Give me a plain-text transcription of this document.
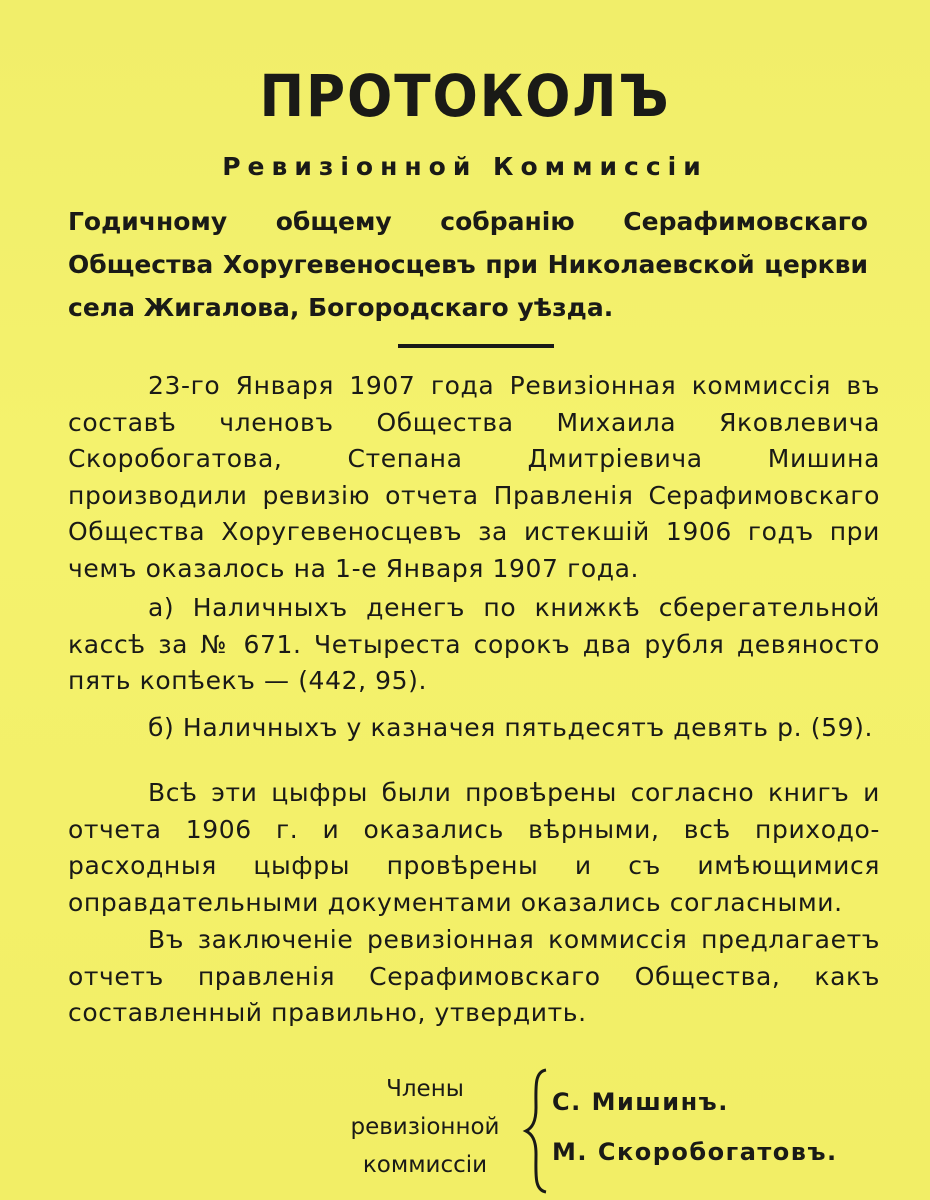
ПРОТОКОЛЪ
Ревизiонной Коммиссiи
Годичному общему собранiю Серафимовскаго Общества Хоругевеносцевъ при Николаевской церкви села Жигалова, Богородскаго уѣзда.
23-го Января 1907 года Ревизiонная коммиссiя въ составѣ членовъ Общества Михаила Яковлевича Скоробогатова, Степана Дмитрiевича Мишина производили ревизiю отчета Правленiя Серафимовскаго Общества Хоругевеносцевъ за истекшiй 1906 годъ при чемъ оказалось на 1-е Января 1907 года.
а) Наличныхъ денегъ по книжкѣ сберегательной кассѣ за № 671. Четыреста сорокъ два рубля девяносто пять копѣекъ — (442, 95).
б) Наличныхъ у казначея пятьдесятъ девять р. (59).
Всѣ эти цыфры были провѣрены согласно книгъ и отчета 1906 г. и оказались вѣрными, всѣ приходо-расходныя цыфры провѣрены и съ имѣющимися оправдательными документами оказались согласными.
Въ заключенiе ревизiонная коммиссiя предлагаетъ отчетъ правленiя Серафимовскаго Общества, какъ составленный правильно, утвердить.
Члены
ревизiонной
коммиссiи
С. Мишинъ.
М. Скоробогатовъ.
